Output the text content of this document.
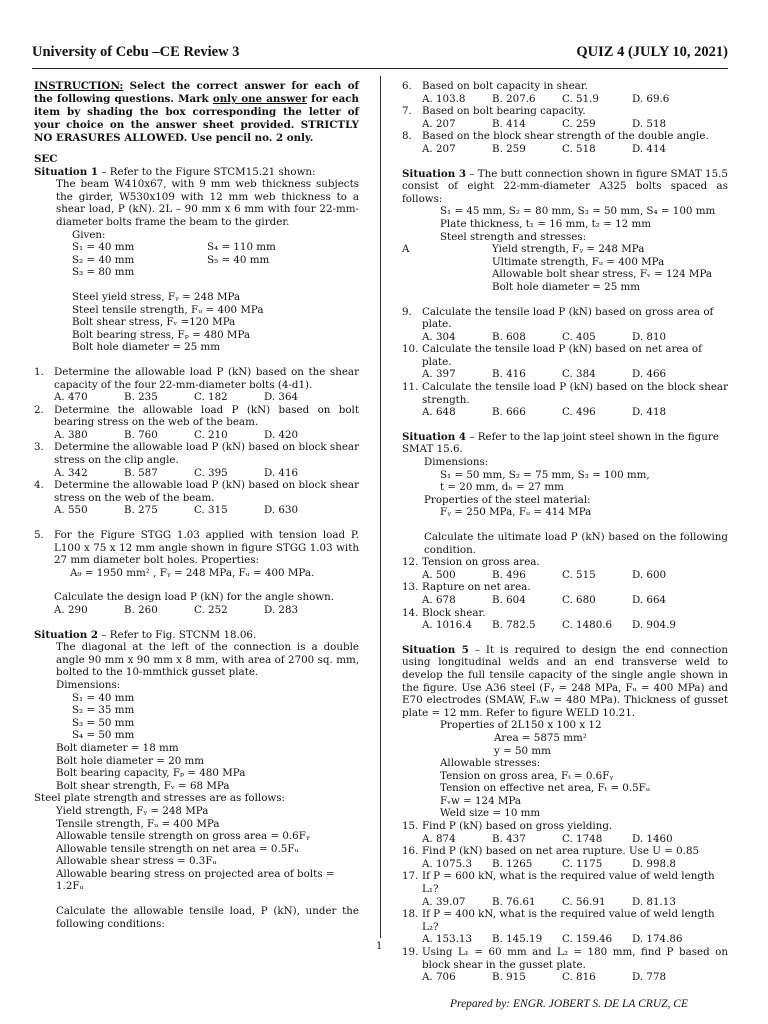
University of Cebu –CE Review 3	QUIZ 4 (JULY 10, 2021)

INSTRUCTION: Select the correct answer for each of the following questions. Mark only one answer for each item by shading the box corresponding the letter of your choice on the answer sheet provided. STRICTLY NO ERASURES ALLOWED. Use pencil no. 2 only.

SEC

Situation 1 – Refer to the Figure STCM15.21 shown:

The beam W410x67, with 9 mm web thickness subjects the girder, W530x109 with 12 mm web thickness to a shear load, P (kN). 2L – 90 mm x 6 mm with four 22-mm-diameter bolts frame the beam to the girder.

Given:

S₁ = 40 mm	S₄ = 110 mm
S₂ = 40 mm	S₅ = 40 mm
S₃ = 80 mm

Steel yield stress, Fᵧ = 248 MPa

Steel tensile strength, Fᵤ = 400 MPa

Bolt shear stress, Fᵥ =120 MPa

Bolt bearing stress, Fₚ = 480 MPa

Bolt hole diameter = 25 mm

1. Determine the allowable load P (kN) based on the shear capacity of the four 22-mm-diameter bolts (4-d1).

A. 470	B. 235	C. 182	D. 364
2. Determine the allowable load P (kN) based on bolt bearing stress on the web of the beam.

A. 380	B. 760	C. 210	D. 420
3. Determine the allowable load P (kN) based on block shear stress on the clip angle.

A. 342	B. 587	C. 395	D. 416
4. Determine the allowable load P (kN) based on block shear stress on the web of the beam.

A. 550	B. 275	C. 315	D. 630
5. For the Figure STGG 1.03 applied with tension load P. L100 x 75 x 12 mm angle shown in figure STGG 1.03 with 27 mm diameter bolt holes. Properties:

A₉ = 1950 mm² , Fᵧ = 248 MPa, Fᵤ = 400 MPa.

Calculate the design load P (kN) for the angle shown.

A. 290	B. 260	C. 252	D. 283

Situation 2 – Refer to Fig. STCNM 18.06.

The diagonal at the left of the connection is a double angle 90 mm x 90 mm x 8 mm, with area of 2700 sq. mm, bolted to the 10-mmthick gusset plate.

Dimensions:

S₁ = 40 mm

S₂ = 35 mm

S₃ = 50 mm

S₄ = 50 mm

Bolt diameter = 18 mm

Bolt hole diameter = 20 mm

Bolt bearing capacity, Fₚ = 480 MPa

Bolt shear strength, Fᵥ = 68 MPa

Steel plate strength and stresses are as follows:

Yield strength, Fᵧ = 248 MPa

Tensile strength, Fᵤ = 400 MPa

Allowable tensile strength on gross area = 0.6Fᵧ

Allowable tensile strength on net area = 0.5Fᵤ

Allowable shear stress = 0.3Fᵤ

Allowable bearing stress on projected area of bolts = 1.2Fᵤ

Calculate the allowable tensile load, P (kN), under the following conditions:

6. Based on bolt capacity in shear.

A. 103.8	B. 207.6	C. 51.9	D. 69.6
7. Based on bolt bearing capacity.

A. 207	B. 414	C. 259	D. 518
8. Based on the block shear strength of the double angle.

A. 207	B. 259	C. 518	D. 414

Situation 3 – The butt connection shown in figure SMAT 15.5 consist of eight 22-mm-diameter A325 bolts spaced as follows:

S₁ = 45 mm, S₂ = 80 mm, S₃ = 50 mm, S₄ = 100 mm

Plate thickness, t₁ = 16 mm, t₂ = 12 mm

Steel strength and stresses:

A	Yield strength, Fᵧ = 248 MPa

Ultimate strength, Fᵤ = 400 MPa

Allowable bolt shear stress, Fᵥ = 124 MPa

Bolt hole diameter = 25 mm

9. Calculate the tensile load P (kN) based on gross area of plate.

A. 304	B. 608	C. 405	D. 810
10. Calculate the tensile load P (kN) based on net area of plate.

A. 397	B. 416	C. 384	D. 466
11. Calculate the tensile load P (kN) based on the block shear strength.

A. 648	B. 666	C. 496	D. 418

Situation 4 – Refer to the lap joint steel shown in the figure SMAT 15.6.

Dimensions:

S₁ = 50 mm, S₂ = 75 mm, S₃ = 100 mm,

t = 20 mm, dₕ = 27 mm

Properties of the steel material:

Fᵧ = 250 MPa, Fᵤ = 414 MPa

Calculate the ultimate load P (kN) based on the following condition.

12. Tension on gross area.

A. 500	B. 496	C. 515	D. 600
13. Rapture on net area.

A. 678	B. 604	C. 680	D. 664
14. Block shear.

A. 1016.4	B. 782.5	C. 1480.6	D. 904.9

Situation 5 – It is required to design the end connection using longitudinal welds and an end transverse weld to develop the full tensile capacity of the single angle shown in the figure. Use A36 steel (Fᵧ = 248 MPa, Fᵤ = 400 MPa) and E70 electrodes (SMAW, Fᵤw = 480 MPa). Thickness of gusset plate = 12 mm. Refer to figure WELD 10.21.

Properties of 2L150 x 100 x 12

Area = 5875 mm²

y = 50 mm

Allowable stresses:

Tension on gross area, Fₜ = 0.6Fᵧ

Tension on effective net area, Fₜ = 0.5Fᵤ

Fᵥw = 124 MPa

Weld size = 10 mm

15. Find P (kN) based on gross yielding.

A. 874	B. 437	C. 1748	D. 1460
16. Find P (kN) based on net area rupture. Use U = 0.85

A. 1075.3	B. 1265	C. 1175	D. 998.8
17. If P = 600 kN, what is the required value of weld length L₁?

A. 39.07	B. 76.61	C. 56.91	D. 81.13
18. If P = 400 kN, what is the required value of weld length L₂?

A. 153.13	B. 145.19	C. 159.46	D. 174.86
19. Using L₁ = 60 mm and L₂ = 180 mm, find P based on block shear in the gusset plate.

A. 706	B. 915	C. 816	D. 778
1
Prepared by: ENGR. JOBERT S. DE LA CRUZ, CE
